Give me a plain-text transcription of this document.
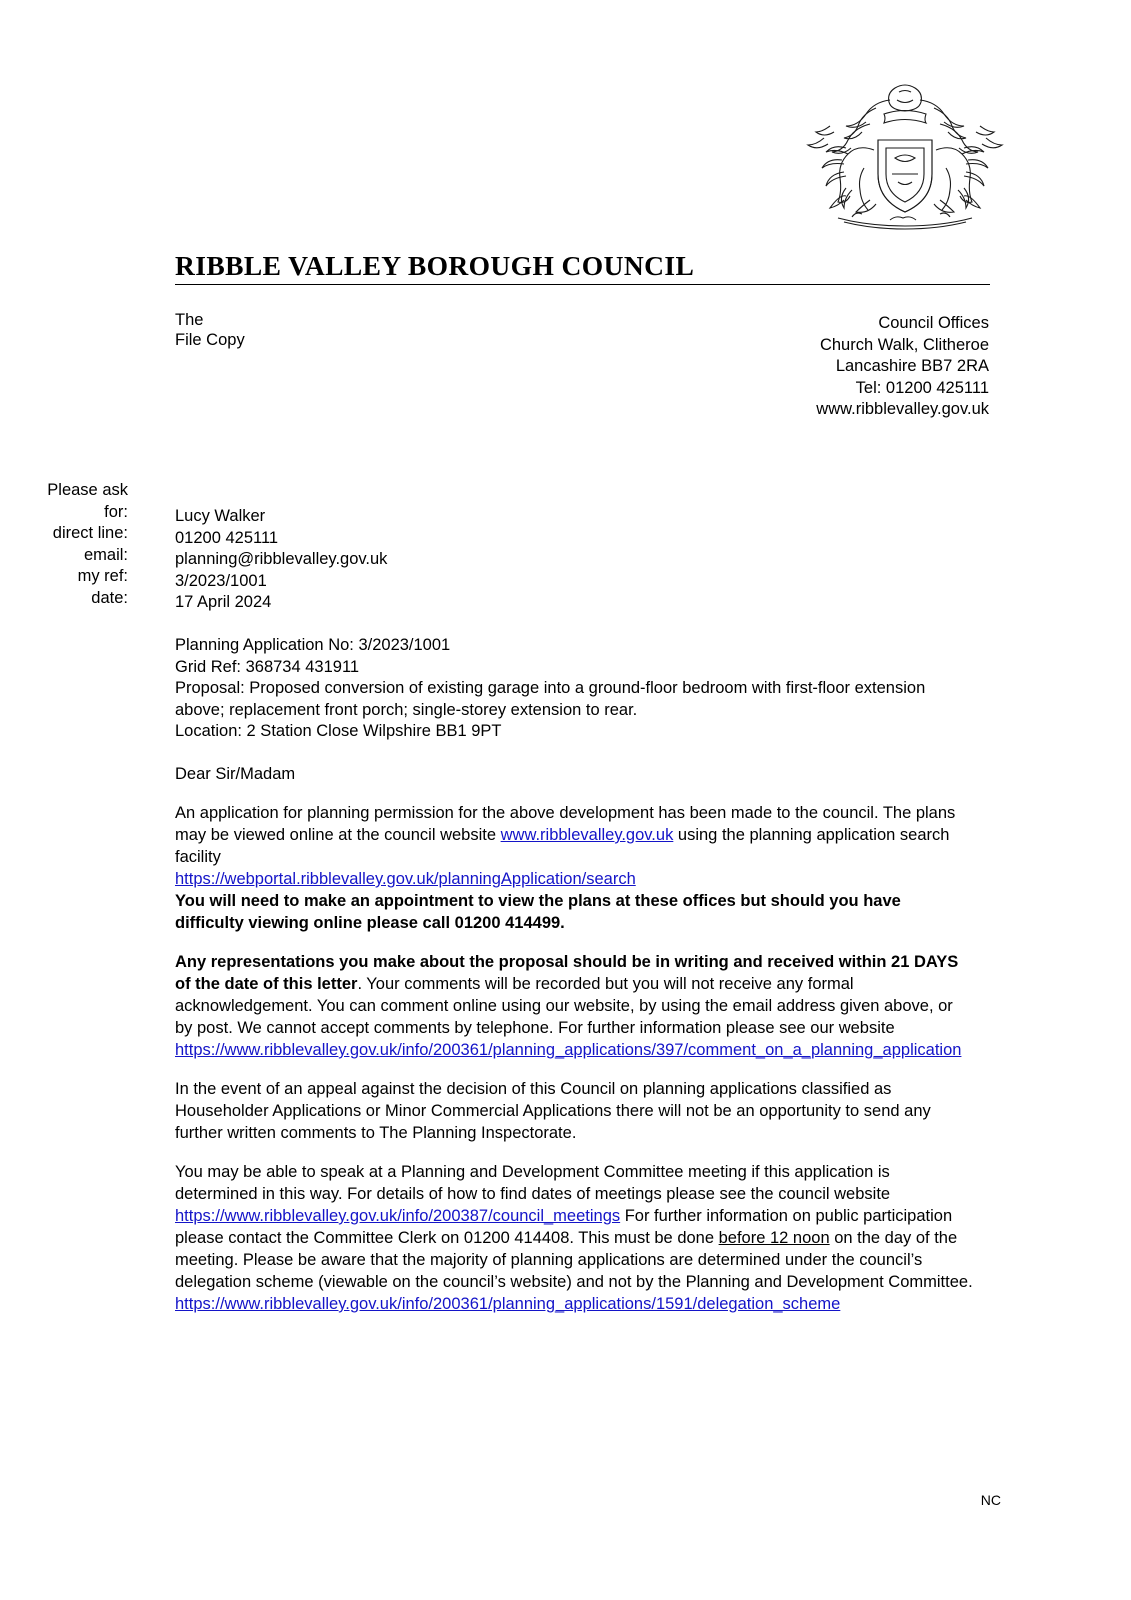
RIBBLE VALLEY BOROUGH COUNCIL
The
File Copy
Council Offices
Church Walk, Clitheroe
Lancashire BB7 2RA
Tel: 01200 425111
www.ribblevalley.gov.uk
Please ask
for:
direct line:
email:
my ref:
date:
Lucy Walker
01200 425111
planning@ribblevalley.gov.uk
3/2023/1001
17 April 2024
Planning Application No: 3/2023/1001
Grid Ref: 368734 431911
Proposal: Proposed conversion of existing garage into a ground-floor bedroom with first-floor extension above; replacement front porch; single-storey extension to rear.
Location: 2 Station Close Wilpshire BB1 9PT

Dear Sir/Madam

An application for planning permission for the above development has been made to the council. The plans may be viewed online at the council website www.ribblevalley.gov.uk using the planning application search facility
https://webportal.ribblevalley.gov.uk/planningApplication/search
You will need to make an appointment to view the plans at these offices but should you have difficulty viewing online please call 01200 414499.

Any representations you make about the proposal should be in writing and received within 21 DAYS of the date of this letter. Your comments will be recorded but you will not receive any formal acknowledgement. You can comment online using our website, by using the email address given above, or by post. We cannot accept comments by telephone. For further information please see our website
https://www.ribblevalley.gov.uk/info/200361/planning_applications/397/comment_on_a_planning_application

In the event of an appeal against the decision of this Council on planning applications classified as Householder Applications or Minor Commercial Applications there will not be an opportunity to send any further written comments to The Planning Inspectorate.

You may be able to speak at a Planning and Development Committee meeting if this application is determined in this way. For details of how to find dates of meetings please see the council website https://www.ribblevalley.gov.uk/info/200387/council_meetings For further information on public participation please contact the Committee Clerk on 01200 414408. This must be done before 12 noon on the day of the meeting. Please be aware that the majority of planning applications are determined under the council’s delegation scheme (viewable on the council’s website) and not by the Planning and Development Committee.
https://www.ribblevalley.gov.uk/info/200361/planning_applications/1591/delegation_scheme

NC
